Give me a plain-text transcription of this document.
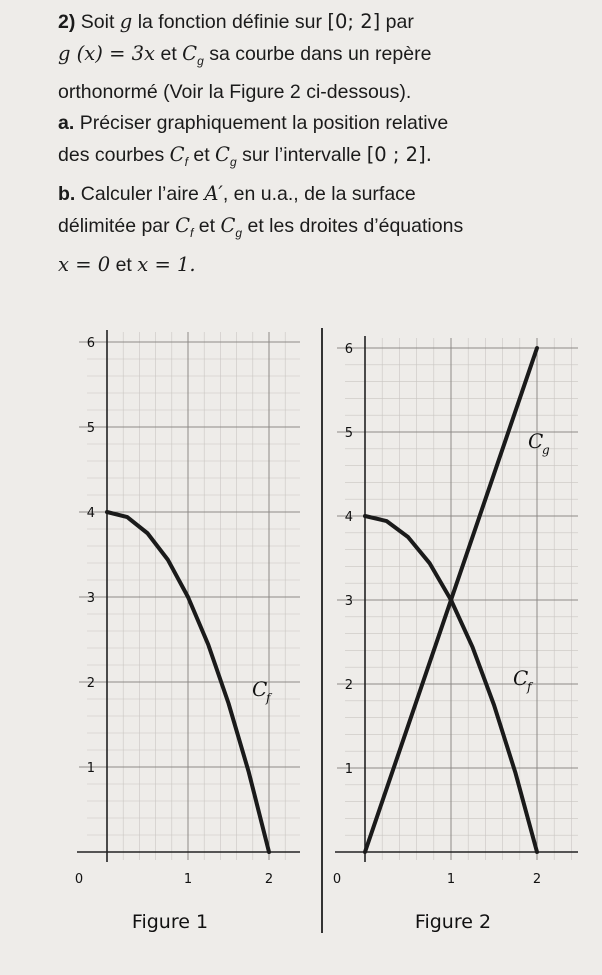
2) Soit g la fonction définie sur [0; 2] par
g (x) = 3x et $C_g$ sa courbe dans un repère
orthonormé (Voir la Figure 2 ci-dessous).
a. Préciser graphiquement la position relative
des courbes $C_f$ et $C_g$ sur l’intervalle [0 ; 2].
b. Calculer l’aire A′, en u.a., de la surface
délimitée par $C_f$ et $C_g$ et les droites d’équations
x = 0 et x = 1.
1
2
3
4
5
6
0	1	2
C
f
Figure 1
1
2
3
4
5
6
0	1	2
C
f
C
g
Figure 2
